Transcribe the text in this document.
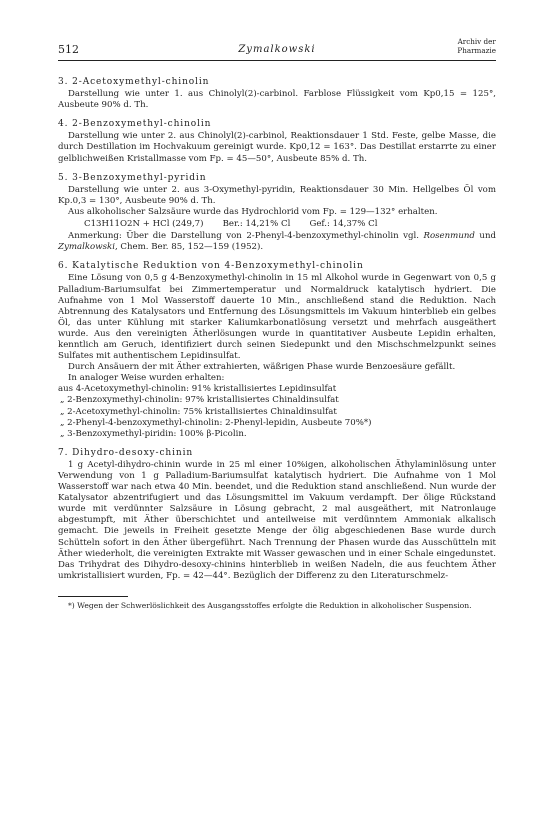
512	Zymalkowski
Archiv der
Pharmazie
3. 2-Acetoxymethyl-chinolin

Darstellung wie unter 1. aus Chinolyl(2)-carbinol. Farblose Flüssigkeit vom Kp0,15 = 125°, Ausbeute 90% d. Th.

4. 2-Benzoxymethyl-chinolin

Darstellung wie unter 2. aus Chinolyl(2)-carbinol, Reaktionsdauer 1 Std. Feste, gelbe Masse, die durch Destillation im Hochvakuum gereinigt wurde. Kp0,12 = 163°. Das Destillat erstarrte zu einer gelblichweißen Kristallmasse vom Fp. = 45—50°, Ausbeute 85% d. Th.

5. 3-Benzoxymethyl-pyridin

Darstellung wie unter 2. aus 3-Oxymethyl-pyridin, Reaktionsdauer 30 Min. Hellgelbes Öl vom Kp.0,3 = 130°, Ausbeute 90% d. Th.

Aus alkoholischer Salzsäure wurde das Hydrochlorid vom Fp. = 129—132° erhalten.

C13H11O2N + HCl (249,7)       Ber.: 14,21% Cl       Gef.: 14,37% Cl

Anmerkung: Über die Darstellung von 2-Phenyl-4-benzoxymethyl-chinolin vgl. Rosenmund und Zymalkowski, Chem. Ber. 85, 152—159 (1952).

6. Katalytische Reduktion von 4-Benzoxymethyl-chinolin

Eine Lösung von 0,5 g 4-Benzoxymethyl-chinolin in 15 ml Alkohol wurde in Gegenwart von 0,5 g Palladium-Bariumsulfat bei Zimmertemperatur und Normaldruck katalytisch hydriert. Die Aufnahme von 1 Mol Wasserstoff dauerte 10 Min., anschließend stand die Reduktion. Nach Abtrennung des Katalysators und Entfernung des Lösungsmittels im Vakuum hinterblieb ein gelbes Öl, das unter Kühlung mit starker Kaliumkarbonatlösung versetzt und mehrfach ausgeäthert wurde. Aus den vereinigten Ätherlösungen wurde in quantitativer Ausbeute Lepidin erhalten, kenntlich am Geruch, identifiziert durch seinen Siedepunkt und den Mischschmelzpunkt seines Sulfates mit authentischem Lepidinsulfat.

Durch Ansäuern der mit Äther extrahierten, wäßrigen Phase wurde Benzoesäure gefällt.

In analoger Weise wurden erhalten:

aus 4-Acetoxymethyl-chinolin: 91% kristallisiertes Lepidinsulfat
„ 2-Benzoxymethyl-chinolin: 97% kristallisiertes Chinaldinsulfat
„ 2-Acetoxymethyl-chinolin: 75% kristallisiertes Chinaldinsulfat
„ 2-Phenyl-4-benzoxymethyl-chinolin: 2-Phenyl-lepidin, Ausbeute 70%*)
„ 3-Benzoxymethyl-piridin: 100% β-Picolin.
7. Dihydro-desoxy-chinin

1 g Acetyl-dihydro-chinin wurde in 25 ml einer 10%igen, alkoholischen Äthylaminlösung unter Verwendung von 1 g Palladium-Bariumsulfat katalytisch hydriert. Die Aufnahme von 1 Mol Wasserstoff war nach etwa 40 Min. beendet, und die Reduktion stand anschließend. Nun wurde der Katalysator abzentrifugiert und das Lösungsmittel im Vakuum verdampft. Der ölige Rückstand wurde mit verdünnter Salzsäure in Lösung gebracht, 2 mal ausgeäthert, mit Natronlauge abgestumpft, mit Äther überschichtet und anteilweise mit verdünntem Ammoniak alkalisch gemacht. Die jeweils in Freiheit gesetzte Menge der ölig abgeschiedenen Base wurde durch Schütteln sofort in den Äther übergeführt. Nach Trennung der Phasen wurde das Ausschütteln mit Äther wiederholt, die vereinigten Extrakte mit Wasser gewaschen und in einer Schale eingedunstet. Das Trihydrat des Dihydro-desoxy-chinins hinterblieb in weißen Nadeln, die aus feuchtem Äther umkristallisiert wurden, Fp. = 42—44°. Bezüglich der Differenz zu den Literaturschmelz-

*) Wegen der Schwerlöslichkeit des Ausgangsstoffes erfolgte die Reduktion in alkoholischer Suspension.
